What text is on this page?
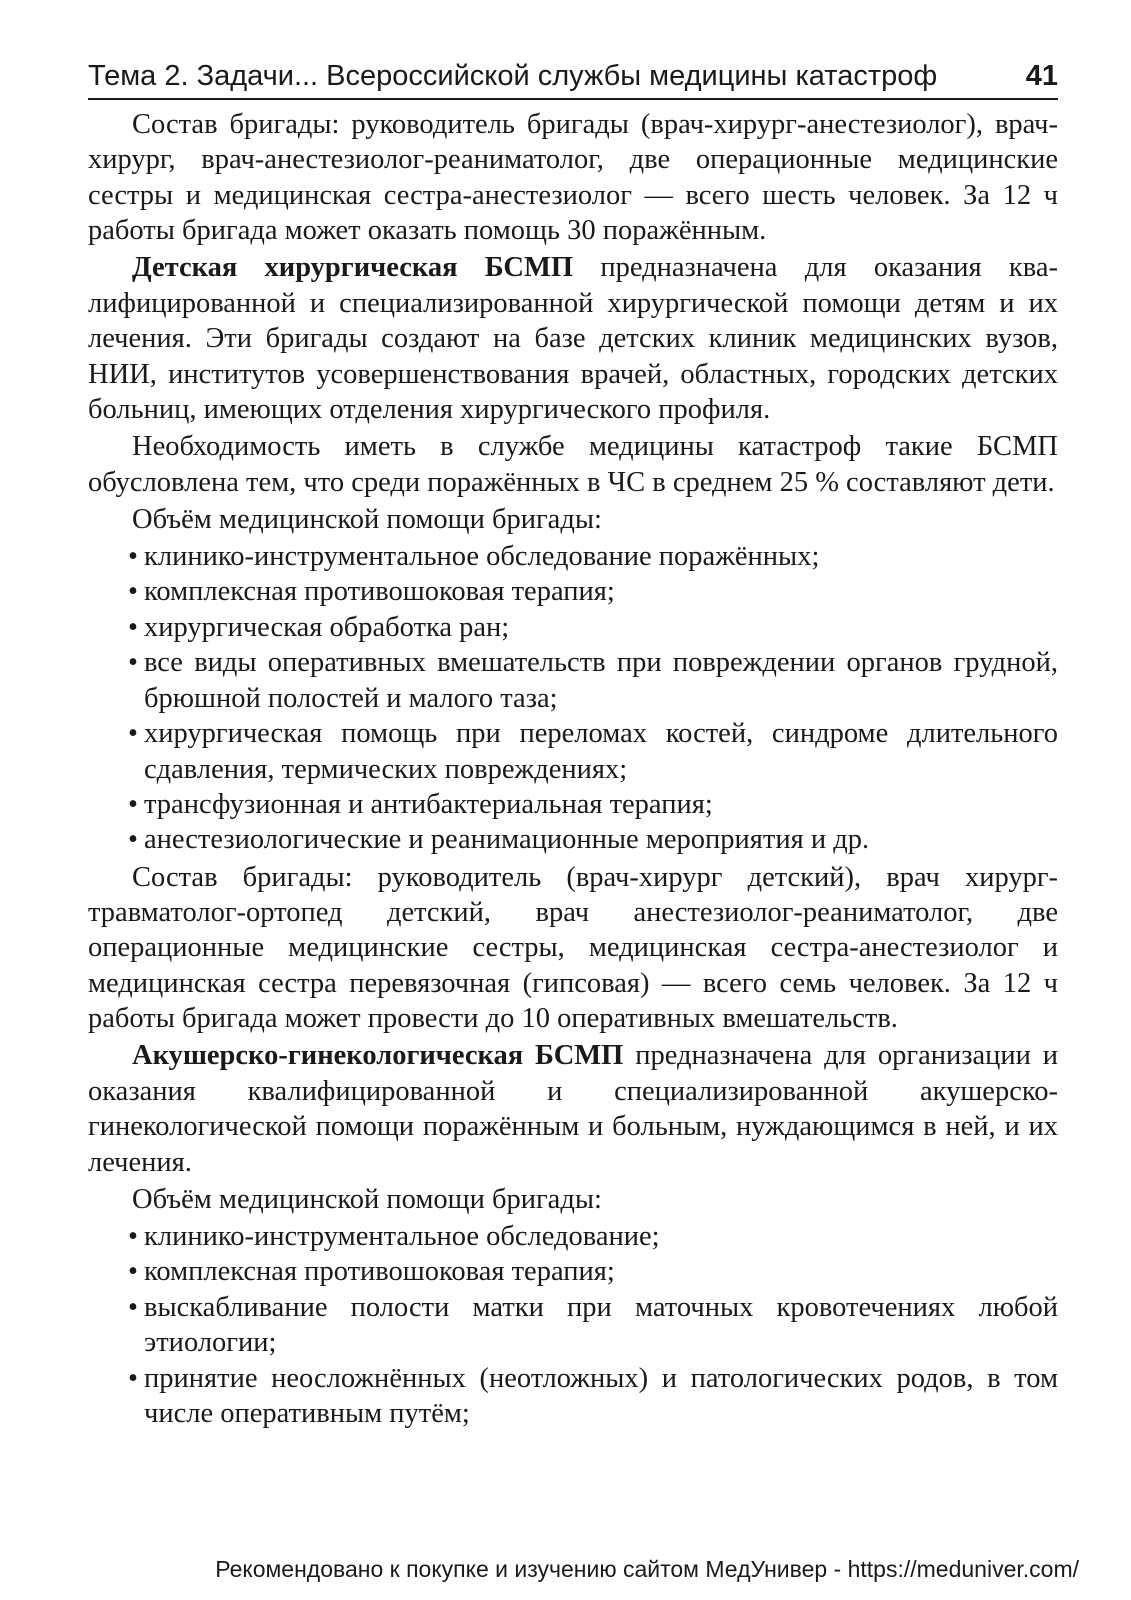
Тема 2. Задачи... Всероссийской службы медицины катастроф	41

Состав бригады: руководитель бригады (врач-хирург-анестезиолог), врач-хирург, врач-анестезиолог-реаниматолог, две операционные медицинские сестры и медицинская сестра-анестезиолог — всего шесть человек. За 12 ч работы бригада может оказать помощь 30 поражённым.

Детская хирургическая БСМП предназначена для оказания квалифицированной и специализированной хирургической помощи детям и их лечения. Эти бригады создают на базе детских клиник медицинских вузов, НИИ, институтов усовершенствования врачей, областных, городских детских больниц, имеющих отделения хирургического профиля.

Необходимость иметь в службе медицины катастроф такие БСМП обусловлена тем, что среди поражённых в ЧС в среднем 25 % составляют дети.

Объём медицинской помощи бригады:

• клинико-инструментальное обследование поражённых;
• комплексная противошоковая терапия;
• хирургическая обработка ран;
• все виды оперативных вмешательств при повреждении органов грудной, брюшной полостей и малого таза;
• хирургическая помощь при переломах костей, синдроме длительного сдавления, термических повреждениях;
• трансфузионная и антибактериальная терапия;
• анестезиологические и реанимационные мероприятия и др.

Состав бригады: руководитель (врач-хирург детский), врач хирург-травматолог-ортопед детский, врач анестезиолог-реаниматолог, две операционные медицинские сестры, медицинская сестра-анестезиолог и медицинская сестра перевязочная (гипсовая) — всего семь человек. За 12 ч работы бригада может провести до 10 оперативных вмешательств.

Акушерско-гинекологическая БСМП предназначена для организации и оказания квалифицированной и специализированной акушерско-гинекологической помощи поражённым и больным, нуждающимся в ней, и их лечения.

Объём медицинской помощи бригады:

• клинико-инструментальное обследование;
• комплексная противошоковая терапия;
• выскабливание полости матки при маточных кровотечениях любой этиологии;
• принятие неосложнённых (неотложных) и патологических родов, в том числе оперативным путём;
Рекомендовано к покупке и изучению сайтом МедУнивер - https://meduniver.com/
